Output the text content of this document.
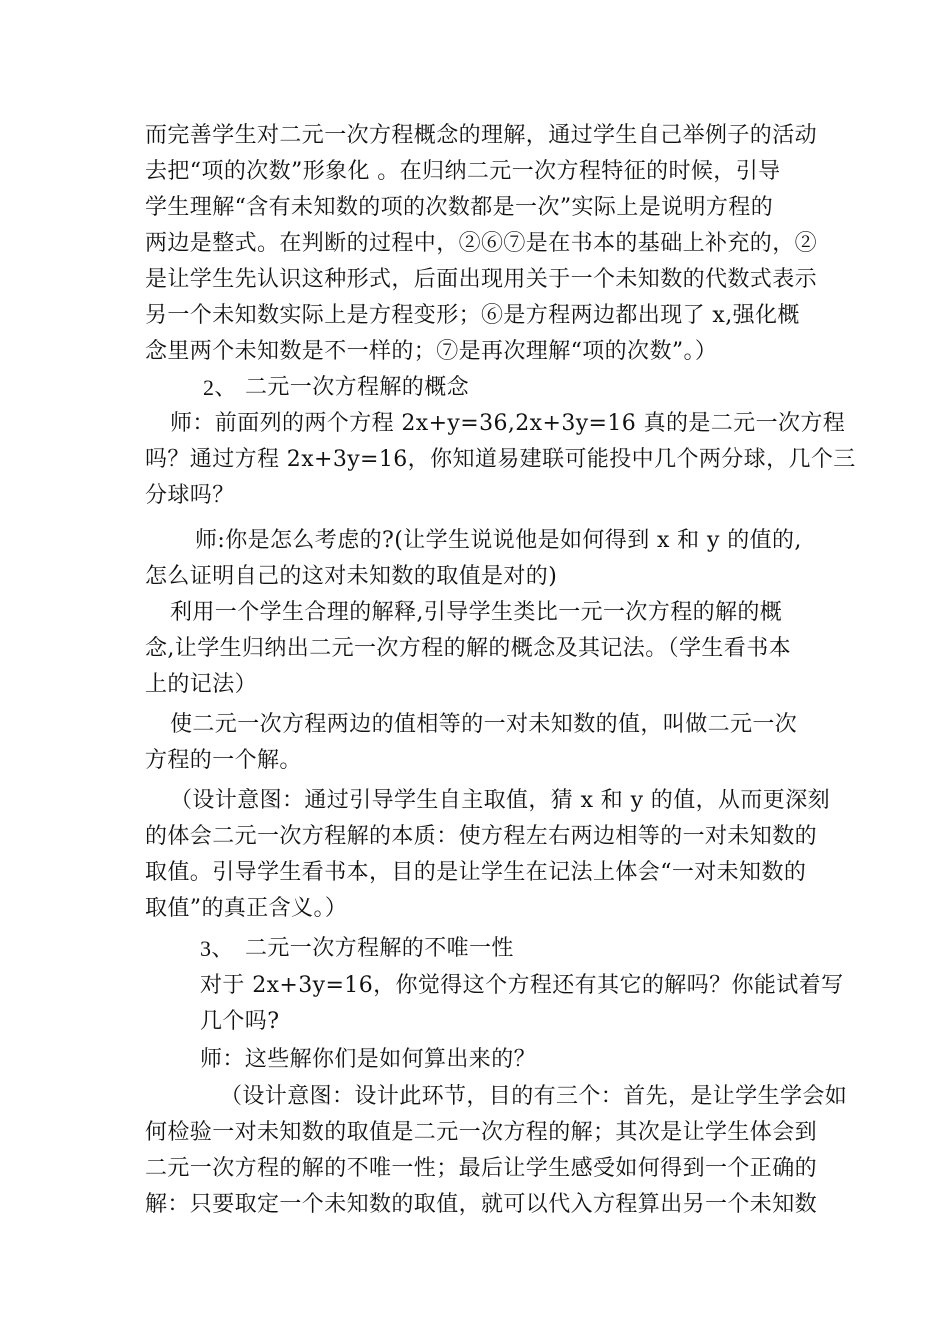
而完善学生对二元一次方程概念的理解，通过学生自己举例子的活动
去把“项的次数”形象化 。在归纳二元一次方程特征的时候，引导
学生理解“含有未知数的项的次数都是一次”实际上是说明方程的
两边是整式。在判断的过程中，②⑥⑦是在书本的基础上补充的，②
是让学生先认识这种形式，后面出现用关于一个未知数的代数式表示
另一个未知数实际上是方程变形；⑥是方程两边都出现了 x,强化概
念里两个未知数是不一样的；⑦是再次理解“项的次数”。）
2、 二元一次方程解的概念
师：前面列的两个方程 2x+y=36,2x+3y=16 真的是二元一次方程
吗？通过方程 2x+3y=16，你知道易建联可能投中几个两分球，几个三
分球吗？
师:你是怎么考虑的?(让学生说说他是如何得到 x 和 y 的值的,
怎么证明自己的这对未知数的取值是对的)
利用一个学生合理的解释,引导学生类比一元一次方程的解的概
念,让学生归纳出二元一次方程的解的概念及其记法。（学生看书本
上的记法）
使二元一次方程两边的值相等的一对未知数的值，叫做二元一次
方程的一个解。
（设计意图：通过引导学生自主取值，猜 x 和 y 的值，从而更深刻
的体会二元一次方程解的本质：使方程左右两边相等的一对未知数的
取值。引导学生看书本，目的是让学生在记法上体会“一对未知数的
取值”的真正含义。）
3、 二元一次方程解的不唯一性
对于 2x+3y=16，你觉得这个方程还有其它的解吗？你能试着写
几个吗?
师：这些解你们是如何算出来的？
（设计意图：设计此环节，目的有三个：首先，是让学生学会如
何检验一对未知数的取值是二元一次方程的解；其次是让学生体会到
二元一次方程的解的不唯一性；最后让学生感受如何得到一个正确的
解：只要取定一个未知数的取值，就可以代入方程算出另一个未知数
